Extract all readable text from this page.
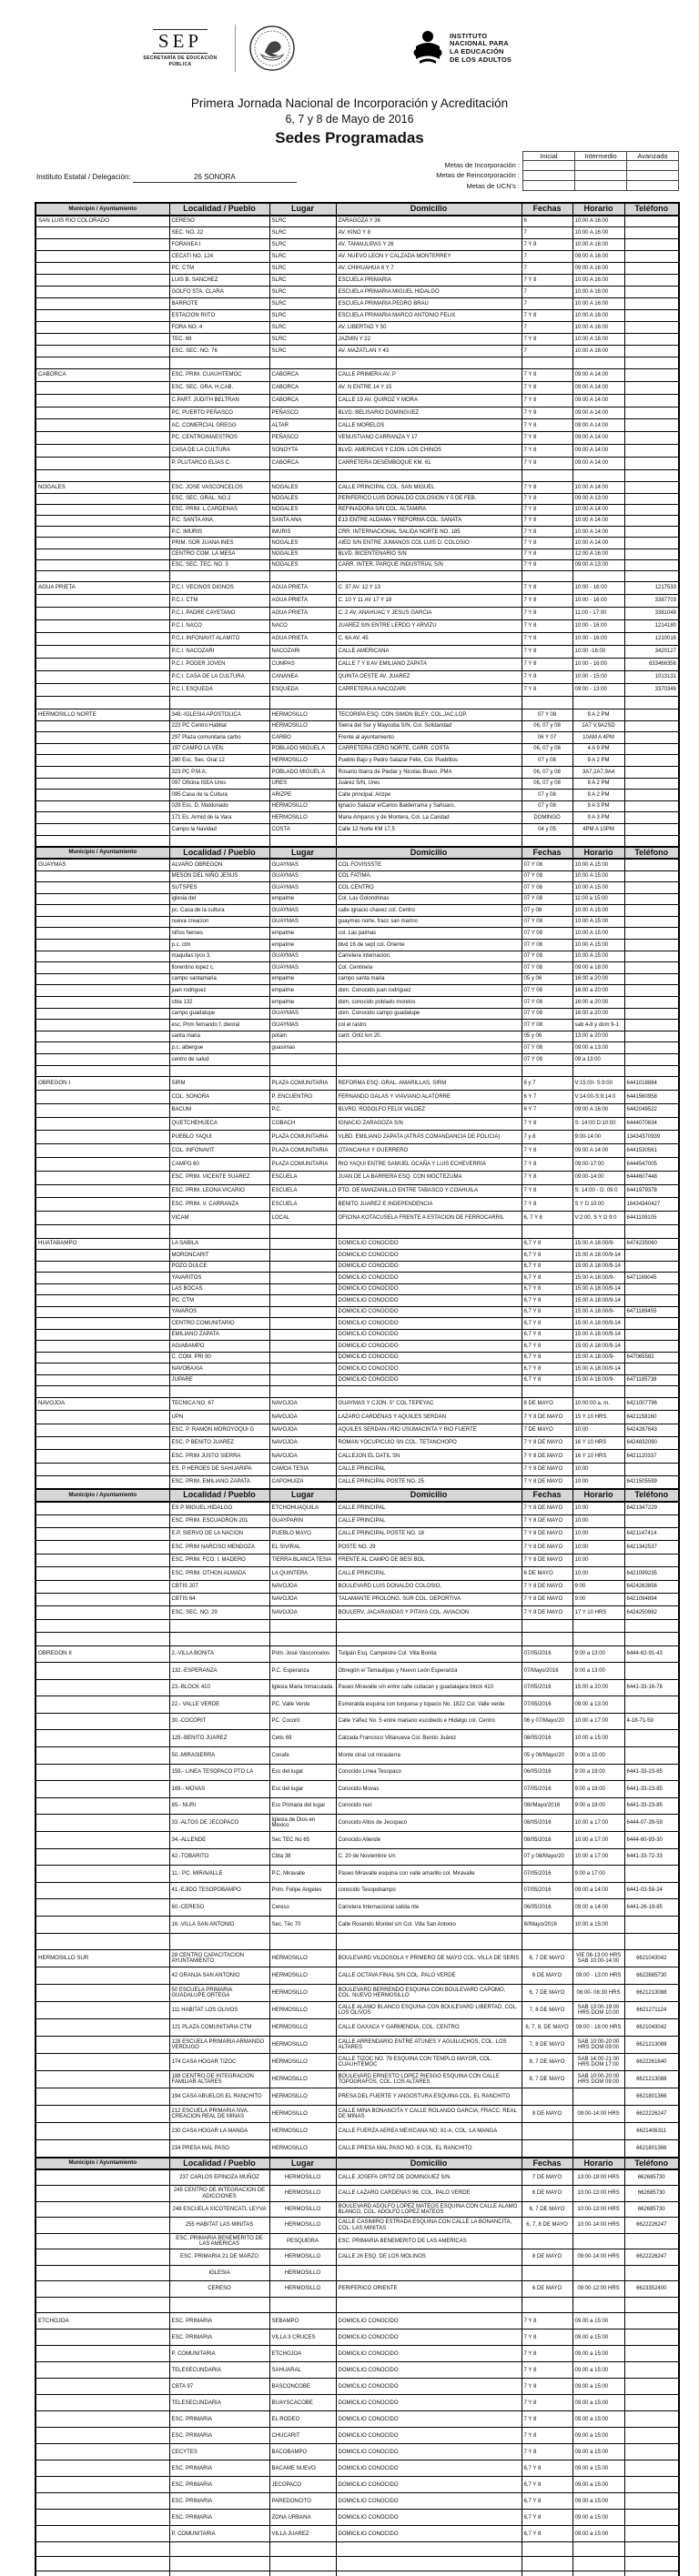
SEP
SECRETARÍA DE EDUCACIÓN PÚBLICA
INSTITUTO
NACIONAL PARA
LA EDUCACIÓN
DE LOS ADULTOS
Primera Jornada Nacional de Incorporación y Acreditación
6, 7 y 8 de Mayo de 2016
Sedes Programadas
Instituto Estatal / Delegación:	26 SONORA
Metas de Incorporación :
Metas de Reincorporación :
Metas de UCN's :
Inicial	Intermedio	Avanzado

Municipio / Ayuntamiento	Localidad / Pueblo	Lugar	Domicilio	Fechas	Horario	Teléfono
SAN LUIS RIO COLORADO	CERESO	SLRC	ZARAGOZA Y 36	6	10:00 A 16:00	
	SEC. NO. 22	SLRC	AV. KINO Y 8	7	10:00 A 16:00	
	FORANEA I	SLRC	AV. TAMAULIPAS Y 26	7 Y 8	10:00 A 16:00	
	CECATI NO. 124	SLRC	AV. NUEVO LEON Y CALZADA MONTERREY	7	09:00 A 16:00	
	PC. CTM	SLRC	AV. CHIHUAHUA 6 Y 7	7	09:00 A 16:00	
	LUIS B. SANCHEZ	SLRC	ESCUELA PRIMARIA	7 Y 8	10:00 A 16:00	
	GOLFO STA. CLARA	SLRC	ESCUELA PRIMARIA MIGUEL HIDALGO	7	10:00 A 16:00	
	BARROTE	SLRC	ESCUELA PRIMARIA PEDRO BRAU	7	10:00 A 16:00	
	ESTACION RIITO	SLRC	ESCUELA PRIMARIA MARCO ANTONIO FELIX	7 Y 8	10:00 A 16:00	
	FORA NO. 4	SLRC	AV. LIBERTAD Y 50	7	10:00 A 16:00	
	TEC. 69	SLRC	JAZMIN Y 22	7 Y 8	10:00 A 16:00	
	ESC. SEC. NO. 76	SLRC	AV. MAZATLAN Y 43	7	10:00 A 16:00	

CABORCA	ESC. PRIM. CUAUHTEMOC	CABORCA	CALLE PRIMERA AV. P	7 Y 8	09:00 A 14:00	
	ESC. SEC. GRA. H.CAB.	CABORCA	AV. N ENTRE 14 Y 15	7 Y 8	09:00 A 14:00	
	C.PART. JUDITH BELTRAN	CABORCA	CALLE 19 AV. QUIROZ Y MORA	7 Y 8	09:00 A 14:00	
	PC. PUERTO PEÑASCO	PEÑASCO	BLVD. BELISARIO DOMINGUEZ	7 Y 8	09:00 A 14:00	
	AC. COMERCIAL GREGG	ALTAR	CALLE MORELOS	7 Y 8	09:00 A 14:00	
	PC. CENTRO/MAESTROS	PEÑASCO	VENUSTIANO CARRANZA Y 17	7 Y 8	09:00 A 14:00	
	CASA DE LA CULTURA	SONOYTA	BLVD. AMERICAS Y CJON. LOS CHINOS	7 Y 8	09:00 A 14:00	
	P. PLUTARCO ELIAS C.	CABORCA	CARRETERA DESEMBOQUE KM. 61	7 Y 8	09:00 A 14:00	

NOGALES	ESC. JOSE VASCONCELOS	NOGALES	CALLE PRINCIPAL COL. SAN MIGUEL	7 Y 8	10:00 A 14:00	
	ESC. SEC. GRAL. NO.2	NOGALES	PERIFERICO LUIS DONALDO COLOSION Y 5 DE FEB.	7 Y 8	09:00 A 13:00	
	ESC. PRIM. L.CARDENAS	NOGALES	REFINADORA S/N COL. ALTAMIRA	7 Y 8	10:00 A 14:00	
	P.C. SANTA ANA	SANTA ANA	E13 ENTRE ALDAMA Y REFORMA COL. SANATA	7 Y 8	10:00 A 14:00	
	P.C. IMURIS	IMURIS	CRR. INTERNACIONAL SALIDA NORTE NO. 185	7 Y 8	10:00 A 14:00	
	PRIM. SOR JUANA INES	NOGALES	AIED S/N ENTRE JUMANOS COL LUIS D. COLOSIO	7 Y 8	10:00 A 14:00	
	CENTRO COM. LA MESA	NOGALES	BLVD. BICENTENARIO S/N	7 Y 8	12:00 A 16:00	
	ESC. SEC. TEC. NO. 3	NOGALES	CARR. INTER. PARQUE INDUSTRIAL S/N	7 Y 8	09:00 A 13:00	

AGUA PRIETA	P.C.I. VECINOS DIGNOS	AGUA PRIETA	C. 37 AV. 12 Y 13	7 Y 8	10:00 - 16:00	1217533
	P.C.I. CTM	AGUA PRIETA	C. 10 Y 11 AV 17 Y 18	7 Y 8	10:00 - 16:00	3387703
	P.C.I. PADRE CAYETANO	AGUA PRIETA	C. 2 AV. ANAHUAC Y JESUS GARCIA	7 Y 8	11:00 - 17:00	3381048
	P.C.I. NACO	NACO	JUAREZ S/N ENTRE LERDO Y ARVIZU	7 Y 8	10:00 - 16:00	1214180
	P.C.I. INFONAVIT ALAMITO	AGUA PRIETA	C. 6A AV. 45	7 Y 8	10:00 - 16:00	1210016
	P.C.I. NACOZARI	NACOZARI	CALLE AMERICANA	7 Y 8	10:00 -16:00	3420127
	P.C.I. PODER JOVEN	CUMPAS	CALLE 7 Y 8 AV EMILIANO ZAPATA	7 Y 8	10:00 - 16:00	633466356
	P.C.I. CASA DE LA CULTURA	CANANEA	QUINTA OESTE AV. JUAREZ	7 Y 8	10:00 - 15:00	1013131
	P.C.I. ESQUEDA	ESQUEDA	CARRETERA A NACOZARI	7 Y 8	09:00 - 13:00	3370346

HERMOSILLO NORTE	349.-IGLESIA APOSTOLICA	HERMOSILLO	TECORIPA ESQ. CON SIMON BLEY, COL.JAC.LOP.	07 Y 08	9 A 2 PM	
	223 PC Centro Habitat	HERMOSILLO	Sierra del Sur y Maycoba S/N, Col. Solidaridad	06, 07 y 08	1A7 V,9A2SD	
	297 Plaza comunitaria carbo	CARBO	Frente al ayuntamiento	06 Y 07	10AM A 4PM	
	197 CAMPO LA VEN.	POBLADO MIGUEL A	CARRETERA CERO NORTE, CARR. COSTA	06, 07 y 08	4 A 9 PM	
	280 Esc. Sec. Gral 12	HERMOSILLO	Pueblo Bajo y Pedro Salazar Félix, Col. Pueblitos	07 y 08	9 A 2 PM	
	323 PC P.M.A.	POBLADO MIGUEL A	Rosario Ibarra de Piedar y Nicolas Bravo, PMA	06, 07 y 08	3A7,2A7,9A4	
	097 Oficina ISEA Ures	URES	Juárez S/N, Ures	06, 07 y 08	9 A 2 PM	
	095 Casa de la Cultura	ARIZPE	Calle principal, Arizpe	07 y 08	9 A 2 PM	
	029 Esc. D. Maldonado	HERMOSILLO	Ignacio Salazar e/Carlos Balderrama y Sahuaro,	07 y 08	9 A 3 PM	
	171 Es. Armid de la Vara	HERMOSILLO	Maria Amparos y de Montera, Col. La Caridad	DOMINGO	9 A 3 PM	
	Campo la Navidad	COSTA	Calle 12 Norte KM 17,5	04 y 05	4PM A 10PM	

Municipio / Ayuntamiento	Localidad / Pueblo	Lugar	Domicilio	Fechas	Horario	Teléfono
GUAYMAS	ALVARO OBREGON	GUAYMAS	COL FOVISSSTE	07 Y 08	10:00 A 15:00	
	MESON DEL NIÑO JESUS	GUAYMAS	COL FATIMA.	07 Y 08	10:00 A 15:00	
	SUTSPES	GUAYMAS	COL CENTRO	07 Y 08	10:00 A 15:00	
	iglesia del	empalme	Col. Las Golondrinas	07 Y 08	11:00 a 15:00	
	pc. Casa de la cultura	GUAYMAS	calle ignacio chavez col. Centro	07 y 08	10:00 A 15:00	
	nueva creacion	GUAYMAS	guaymas norte, fracc san marino	07 Y 08	10:00 A 15:00	
	niños heroes	empalme	col. Las palmas	07 Y 08	10:00 A 15:00	
	p.c. ctm	empalme	blvd 16 de sept col. Oriente	07 Y 08	10:00 A 15:00	
	maquilas tyco 3.	GUAYMAS	Carretera internacion.	07 Y 08	10:00 A 15:00	
	florentino lopez c.	GUAYMAS	Col. Centinela	07 Y 08	09:00 a 18:00	
	campo santamaria	empalme	campo santa maria	05 y 06	16:00 a 20:00	
	juan rodriguez	empalme	dom. Conocido juan rodriguez	07 Y 08	16:00 a 20:00	
	cbta 132	empalme	dom, conocido poblado morelos	07 Y 08	16:00 a 20:00	
	campo guadalupe	GUAYMAS	dom. Conocido campo guadalupe	07 Y 08	16:00 a 20:00	
	esc. Prim fernando f. dworal	GUAYMAS	col el rastro	07 Y 08	sab 4-8 y dom 9-1	
	santa maria	potam	carrt. Ortiz km 20.	05 y 06	13:00 a 20:00	
	p.c. albergue	guasimas		07 Y 08	09:00 a 13:00	
	centro de salud			07 Y 08	09 a 13:00	

OBREGON I	SIRM	PLAZA COMUNITARIA	REFORMA ESQ. GRAL. AMARILLAS, SIRM	6 y 7	V:15:00- S:9:00	6441018884
	COL. SONORA	P. ENCUENTRO	FERNANDO GALAS Y VIAVIANO ALATORRE	6 Y 7	V:14:00-S:9:14:0	6441560958
	BACUM	P.C.	BLVRD. RODOLFO FELIX VALDEZ	6 Y 7	09:00 A 16:00	6442049522
	QUETCHEHUECA	COBACH	IGNACIO ZARAGOZA S/N	7 Y 8	S: 14:00 D:10:00	6444070634
	PUEBLO YAQUI	PLAZA COMUNITARIA	VLBD. EMILIANO ZAPATA (ATRÁS COMANDANCIA DE POLICIA)	7 y 8	9:00-14:00	13434370939
	COL. INFONAVIT	PLAZA COMUNITARIA	OTANCAHUI Y GUERRERO	7 Y 8	09:00 A 14:00	6441530561
	CAMPO 60	PLAZA COMUNITARIA	RIO YAQUI ENTRE SAMUEL OCAÑA Y LUIS ECHEVERRIA	7 Y 8	09:00-17:00	6444547005
	ESC. PRIM. VICENTE SUAREZ	ESCUELA	JUAN DE LA BARRERA ESQ. CON MOCTEZUMA	7 Y 8	09:00-14:00	6444607448
	ESC. PRIM. LEONA VICARIO	ESCUELA	PTO. DE MANZANILLO ENTRE TABASCO Y COAHUILA	7 Y 8	S: 14:00 - D: 09:0	6441979378
	ESC. PRIM. V. CARRANZA	ESCUELA	BENITO JUAREZ E INDEPENDENCIA	7 Y 8	S Y D 10:00	16434340427
	VICAM	LOCAL	OFICINA KOTACUSELA FRENTE A ESTACION DE FERROCARRIL	6, 7 Y 8	V:2:00, S Y D 9:0	6441109105

HUATABAMPO	LA SABILA		DOMICILIO CONOCIDO	6,7 Y 8	15:00 A 18:00/9-	6474235060
	MORONCARIT		DOMICILIO CONOCIDO	6,7 Y 8	15:00 A 18:00/9-14	
	POZO DULCE		DOMICILIO CONOCIDO	6,7 Y 8	15:00 A 18:00/9-14	
	YAVARITOS		DOMICILIO CONOCIDO	6,7 Y 8	15:00 A 18:00/9-	6471169045
	LAS BOCAS		DOMICILIO CONOCIDO	6,7 Y 8	15:00 A 18:00/9-14	
	PC. CTM		DOMICILIO CONOCIDO	6,7 Y 8	15:00 A 18:00/9-14	
	YAVAROS		DOMICILIO CONOCIDO	6,7 Y 8	15:00 A 18:00/9-	6471189455
	CENTRO COMUNITARIO		DOMICILIO CONOCIDO	6,7 Y 8	15:00 A 18:00/9-14	
	EMILIANO ZAPATA		DOMICILIO CONOCIDO	6,7 Y 8	15:00 A 18:00/9-14	
	AGIABAMPO		DOMICILIO CONOCIDO	6,7 Y 8	15:00 A 18:00/9-14	
	C. COM. PRI 90		DOMICILIO CONOCIDO	6,7 Y 8	15:00 A 18:00/9-	647065582
	NAVOBAXIA		DOMICILIO CONOCIDO	6,7 Y 8	15:00 A 18:00/9-14	
	JUPARE		DOMICILIO CONOCIDO	6,7 Y 8	15:00 A 18:00/9-	6471185738

NAVOJOA	TECNICA NO. 67	NAVOJOA	GUAYMAS Y CJON. 5° COL TEPEYAC	6 DE MAYO	10:00:00 a. m.	6421007796
	UPN	NAVOJOA	LAZARO CARDENAS Y AQUILES SERDAN	7 Y 8 DE MAYO	15 Y 10 HRS.	6421158160
	ESC. P. RAMON MOROYOQUI G	NAVOJOA	AQUILES SERDAN / RIO USUMACINTA Y RIO FUERTE	7 DE MAYO	10:00	6424287643
	ESC. P BENITO JUAREZ	NAVOJOA	ROMAN YOCUPICUIO SN COL. TETANCHOPO	7 Y 8 DE MAYO	16 Y 10 HRS	6424832090
	ESC. PRIM JUSTO SIERRA	NAVOJOA	CALLEJON EL DATIL SN	7 Y 8 DE MAYO	16 Y 10 HRS	6421120337
	ES. P HEROES DE SAHUARIPA	CAMOA TESIA	CALLE PRINCIPAL	7 Y 8 DE MAYO	10:00	
	ESC. PRIM. EMILIANO ZAPATA	CAPOHUIZA	CALLE PRINCIPAL POSTE NO. 25	7 Y 8 DE MAYO	10:00	6421505599
Municipio / Ayuntamiento	Localidad / Pueblo	Lugar	Domicilio	Fechas	Horario	Teléfono
	ES P MIGUEL HIDALGO	ETCHOHUAQUILA	CALLE PRINCIPAL	7 Y 8 DE MAYO	10:00	6421347229
	ESC. PRIM. ESCUADRON 201	GUAYPARIN	CALLE PRINCIPAL	7 Y 8 DE MAYO	10:00	
	E.P. SIERVO DE LA NACION	PUEBLO MAYO	CALLE PRINCIPAL POSTE NO. 18	7 Y 8 DE MAYO	10:00	6421147414
	ESC. PRIM NARCISO MENDOZA	EL SIVIRAL	POSTE NO. 29	7 Y 8 DE MAYO	10:00	6421342537
	ESC. PRIM. FCO. I. MADERO	TIERRA BLANCA TESIA	FRENTE AL CAMPO DE BESI BOL	7 Y 8 DE MAYO	10:00	
	ESC. PRIM. OTHON ALMADA	LA QUINTERA	CALLE PRINCIPAL	6 DE MAYO	10:00	6421099235
	CBTIS 207	NAVOJOA	BOULEVARD LUIS DONALDO COLOSIO,	7 Y 8 DE MAYO	9:00	6424263856
	CBTIS 64	NAVOJOA	TALAMANTE PROLONG. SUR COL. DEPORTIVA	7 Y 8 DE MAYO	9:00	6421094894
	ESC. SEC. NO. 29	NAVOJOA	BOULERV. JACARANDAS Y PITAYA COL. AVIACION	7 Y 8 DE MAYO	17 Y 10 HRS	6424250982

OBREGON II	2.-VILLA BONITA	Prim. José Vasconcelos	Tulipán Esq. Campestre Col. Villa Bonita	07/05/2016	9:00 a 13:00	6444-62-91-43
	132.-ESPERANZA	P.C. Esperanza	Obregón e/ Tamaulipas y Nuevo León Esperanza	07/Mayo/2016	9:00 a 13:00	
	23.-BLOCK 410	Iglesia Maria Inmaculada	Paseo Miravalle s/n entre calle culiacan y guadalajara block 410	07/05/2016	15:00 a 20:00	6441-33-16-78
	22.- VALLE VERDE	PC. Valle Verde	Esmeralda esquina con turquesa y topacio No. 1822 Col. Valle verde	07/05/2016	09:00 a 13:00	
	30.-COCORIT	PC. Cocorit	Calle Yáñez No. 5 entre mariano escobedo e Hidalgo col. Centro	06 y 07/Mayo/20	10:00 a 17:00	4-18-71-59
	129.-BENITO JUAREZ	Cetis 69	Calzada Francisco Villanueva Col. Benito Juárez	08/05/2016	10:00 a 15:00	
	50.-MIRASIERRA	Conafe	Monte cinai col mirasierra	05 y 06/Mayo/20	9:00 a 15:00	
	159.- LINEA TESOPACO PTO LA	Esc del lugar	Conocido Línea Tesopaco	06/05/2016	9:00 a 19:00	6441-33-23-85
	169.- MOVAS	Esc del lugar	Conocido Movas	07/05/2016	9:00 a 19:00	6441-33-23-85
	85.- NURI	Esc Primaria del lugar	Conocido nuri	08//Mayo/2016	9:00 a 19:00	6441-33-23-85
	33.-ALTOS DE JECOPACO	Iglesia de Dios en México	Conocido Altos de Jecopaco	08/05/2016	10:00 a 17:00	6444-07-39-59
	34.-ALLENDE	Sec TEC No 65	Conocido Allende	08/05/2016	10:00 a 17:00	6444-60-93-30
	42.-TOBARITO	Cbta 38	C. 20 de Noviembre s/n	07 y 08/Mayo/20	10:00 a 17:00	6441-33-72-33
	11.- PC. MIRAVALLE	P.C. Miravalle	Paseo Miravalle esquina con valle amarillo col. Miravalle	07/05/2016	9:00 a 17:00	
	41.-EJIDO TESOPOBAMPO	Prim. Felipe Angeles	conocido Tesopobampo	07/05/2016	09:00 a 14:00	6441-03-58-24
	60.-CERESO	Cereso	Carretera Internacional salida nte	06/05/2016	09:00 a 14:00	6441-26-19-85
	16.-VILLA SAN ANTONIO	Sec. Téc 70	Calle Rosendo Montiel s/n Col. Villa San Antonio	8//Mayo/2016	10:00 a 15:00	

HERMOSILLO SUR	28 CENTRO CAPACITACION AYUNTAMIENTO	HERMOSILLO	BOULEVARD VILDOSOLA Y PRIMERO DE MAYO COL. VILLA DE SERIS	6, 7 DE MAYO	VIE 08-13:00 HRS SAB 10:00-14:00	6621043042
	42 GRANJA SAN ANTONIO	HERMOSILLO	CALLE OCTAVA FINAL S/N COL. PALO VERDE	6 DE MAYO	09:00 - 13:00 HRS	6622685730
	50 ESCUELA PRIMARIA GUADALUPE ORTEGA	HERMOSILLO	BOULEVARD BERRENDO ESQUINA CON BOULEVARD CAPOMO, COL. NUEVO HERMOSILLO	6, 7 DE MAYO	06:00- 08:30 HRS	6621213088
	111 HABITAT LOS OLIVOS	HERMOSILLO	CALLE ALAMO BLANCO ESQUINA CON BOULEVARD LIBERTAD, COL. LOS OLIVOS	7, 8 DE MAYO	SAB 13:00-19:00 HRS DOM 10:00	6621271124
	121 PLAZA COMUNITARIA CTM	HERMOSILLO	CALLE OAXACA Y GARMENDIA, COL. CENTRO	6, 7, 8, DE MAYO	09:00 - 16:00 HRS	6621043042
	128 ESCUELA PRIMARIA ARMANDO VERDUGO	HERMOSILLO	CALLE ARRENDARIO ENTRE ATUNES Y AGUILUCHOS, COL. LOS ALTARES	7, 8 DE MAYO	SAB 10:00-20:00 HRS DOM 09:00	6621213088
	174 CASA HOGAR TIZOC	HERMOSILLO	CALLE TIZOC NO. 79 ESQUINA CON TEMPLO MAYOR, COL. CUAUHTEMOC	8, 7 DE MAYO	SAB 14:00-21:00 HRS DOM 17:00	6622261640
	188 CENTRO DE INTEGRACION FAMILIAR ALTARES	HERMOSILLO	BOULEVARD ERNESTO LOPEZ RIESGO ESQUINA CON CALLE TOPOGRAFOS, COL. LOS ALTARES	8, 7 DE MAYO	SAB 10:00-20:00 HRS DOM 09:00	6621213088
	194 CASA ABUELOS EL RANCHITO	HERMOSILLO	PRESA DEL FUERTE Y ANGOSTURA ESQUINA COL. EL RANCHITO			6621801366
	212 ESCUELA PRIMARIA NVA. CREACION REAL DE MINAS	HERMOSILLO	CALLE MINA BONANCITA Y CALLE ROLANDO GARCIA, FRACC. REAL DE MINAS	8 DE MAYO	09:00-14:00 HRS	6622226247
	230 CASA HOGAR LA MANGA	HERMOSILLO	CALLE FUERZA AEREA MEXICANA NO. 91-A, COL. LA MANGA			6621406311
	234 PRESA MAL PASO	HERMOSILLO	CALLE PRESA MAL PASO NO. 8 COL. EL RANCHITO			6621801366
Municipio / Ayuntamiento	Localidad / Pueblo	Lugar	Domicilio	Fechas	Horario	Teléfono
	237 CARLOS EPINOZA MUÑOZ	HERMOSILLO	CALLE JOSEFA ORTIZ DE DOMINGUEZ S/N	7 DE MAYO	13:00-19:00 HRS	662685730
	245 CENTRO DE INTEGRACION DE ADICCIONES	HERMOSILLO	CALLE LAZARO CARDENAS 96, COL. PALO VERDE	6 DE MAYO	10:00-13:00 HRS	662685730
	248 ESCUELA XICOTENCATL LEYVA	HERMOSILLO	BOULEVARD ADOLFO LOPEZ MATEOS ESQUINA CON CALLE ALAMO BLANCO, COL. ADOLFO LOPEZ MATEOS	6, 7 DE MAYO	10:00-13:00 HRS	662685730
	255 HABITAT LAS MINITAS	HERMOSILLO	CALLE CASIMIRO ESTRADA ESQUINA CON CALLE LA BONANCITA, COL. LAS MINITAS	6, 7, 8 DE MAYO	10:00-14:00 HRS	6622226247
	ESC. PRIMARIA BENEMERITO DE LAS AMERICAS	PESQUEIRA	ESC. PRIMARIA BENEMERITO DE LAS AMERICAS			
	ESC. PRIMARIA 21 DE MARZO	HERMOSILLO	CALLE 26 ESQ. DE LOS MOLINOS	8 DE MAYO	09:00-14:00 HRS	6622226247
	IGLESIA	HERMOSILLO				
	CERESO	HERMOSILLO	PERIFERICO ORIENTE	6 DE MAYO	09:00-12:00 HRS	6623352400

ETCHOJOA	ESC. PRIMARIA	SEBAMPO	DOMICILIO CONOCIDO	7 Y 8	09.00 a 15:00	
	ESC. PRIMARIA	VILLA 3 CRUCES	DOMICILIO CONOCIDO	7 Y 8	09.00 a 15:00	
	P. COMUNITARIA	ETCHOJOA	DOMICILIO CONOCIDO	7 Y 8	09.00 a 15:00	
	TELESECUNDARIA	SAHUARAL	DOMICILIO CONOCIDO	7 Y 8	09.00 a 15:00	
	CBTA 97	BASCONCOBE	DOMICILIO CONOCIDO	7 Y 8	09.00 a 15:00	
	TELESECUNDARIA	BUAYSCACOBE	DOMICILIO CONOCIDO	7 Y 8	09.00 a 15:00	
	ESC. PRIMARIA	EL RODEO	DOMICILIO CONOCIDO	7 Y 8	09.00 a 15:00	
	ESC. PRIMARIA	CHUCARIT	DOMICILIO CONOCIDO	7 Y 8	09.00 a 15:00	
	CECYTES	BACOBAMPO	DOMICILIO CONOCIDO	7 Y 8	09.00 a 15:00	
	ESC. PRIMARIA	BACAME NUEVO	DOMICILIO CONOCIDO	6,7 Y 8	09.00 a 15:00	
	ESC. PRIMARIA	JECOPACO	DOMICILIO CONOCIDO	6,7 Y 8	09.00 a 15:00	
	ESC. PRIMARIA	PAREDONCITO	DOMICILIO CONOCIDO	6,7 Y 8	09.00 a 15:00	
	ESC. PRIMARIA	ZONA URBANA	DOMICILIO CONOCIDO	6,7 Y 8	09.00 a 15:00	
	P. COMUNITARIA	VILLA JUAREZ	DOMICILIO CONOCIDO	6,7 Y 8	09.00 a 15:00	
